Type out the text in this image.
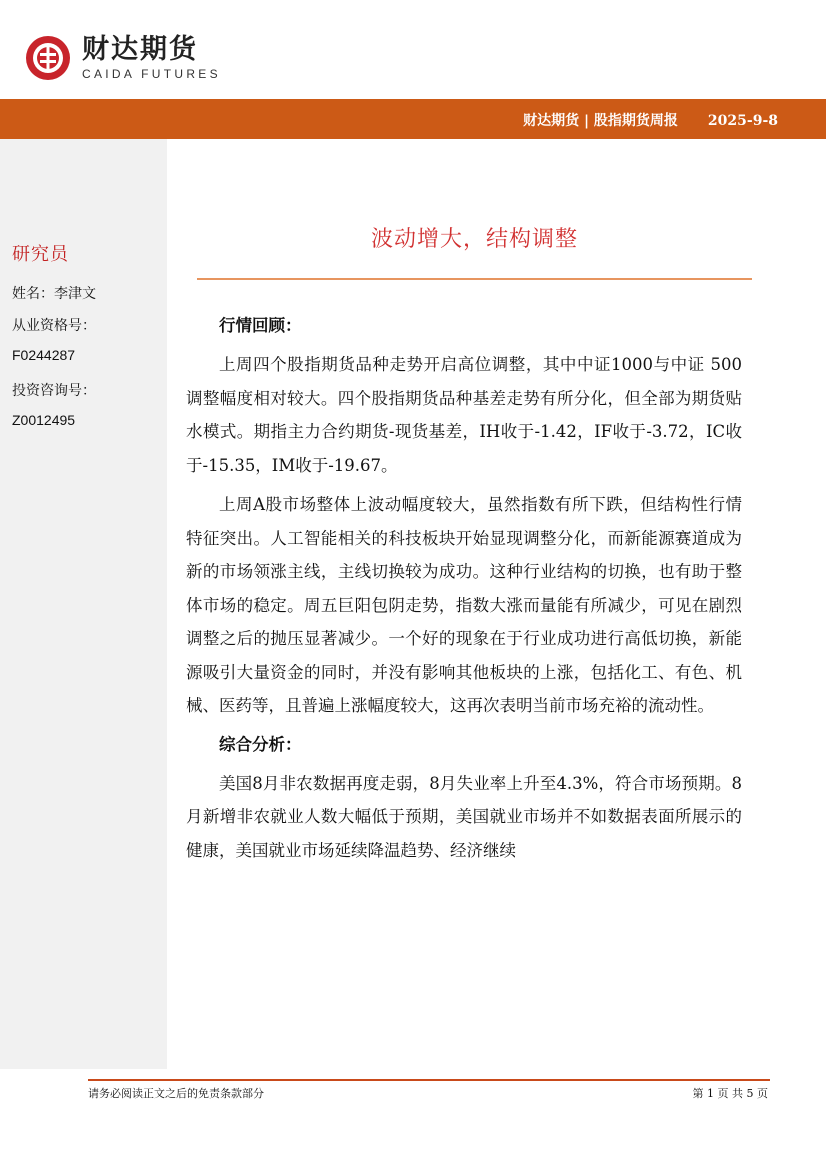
财达期货
CAIDA FUTURES
财达期货 | 股指期货周报 2025-9-8
研究员
姓名：李津文
从业资格号：
F0244287
投资咨询号：
Z0012495
波动增大，结构调整

行情回顾：

上周四个股指期货品种走势开启高位调整，其中中证1000与中证 500调整幅度相对较大。四个股指期货品种基差走势有所分化，但全部为期货贴水模式。期指主力合约期货-现货基差，IH收于-1.42，IF收于-3.72，IC收于-15.35，IM收于-19.67。

上周A股市场整体上波动幅度较大，虽然指数有所下跌，但结构性行情特征突出。人工智能相关的科技板块开始显现调整分化，而新能源赛道成为新的市场领涨主线，主线切换较为成功。这种行业结构的切换，也有助于整体市场的稳定。周五巨阳包阴走势，指数大涨而量能有所减少，可见在剧烈调整之后的抛压显著减少。一个好的现象在于行业成功进行高低切换，新能源吸引大量资金的同时，并没有影响其他板块的上涨，包括化工、有色、机械、医药等，且普遍上涨幅度较大，这再次表明当前市场充裕的流动性。

综合分析：

美国8月非农数据再度走弱，8月失业率上升至4.3%，符合市场预期。8月新增非农就业人数大幅低于预期，美国就业市场并不如数据表面所展示的健康，美国就业市场延续降温趋势、经济继续

请务必阅读正文之后的免责条款部分	第 1 页 共 5 页
